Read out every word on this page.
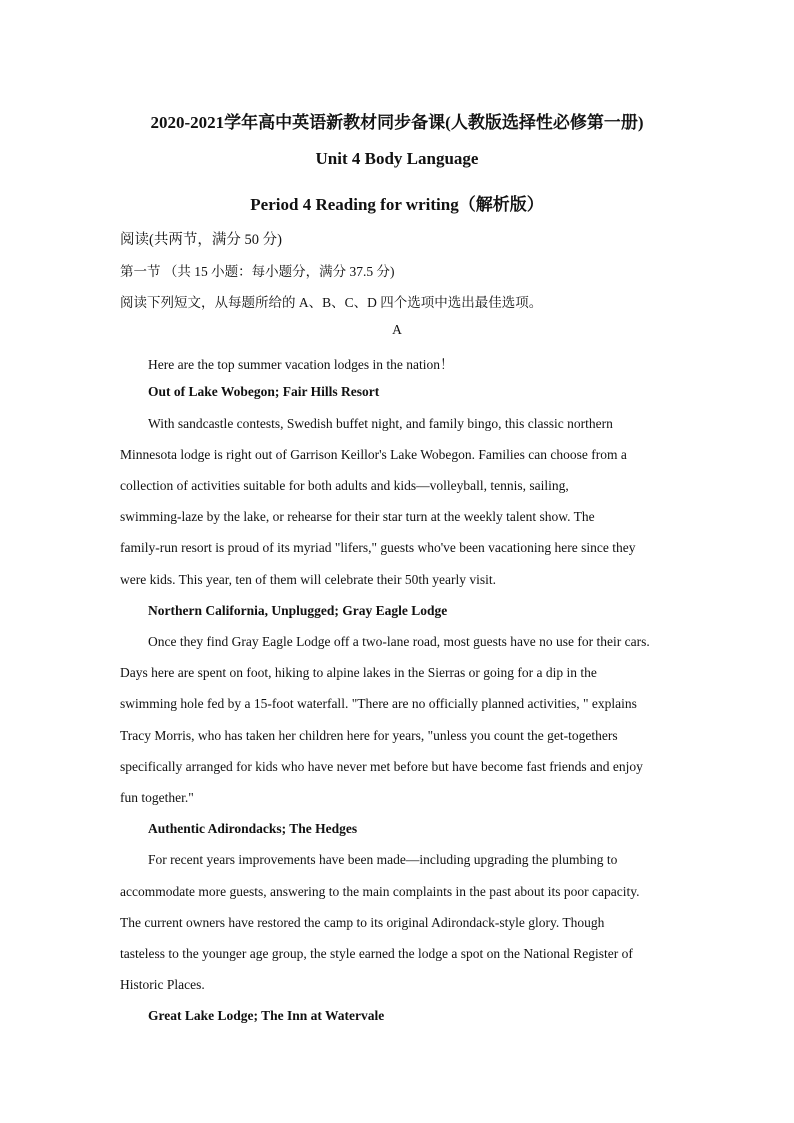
2020-2021学年高中英语新教材同步备课(人教版选择性必修第一册)
Unit 4 Body Language
Period 4 Reading for writing（解析版）
阅读(共两节，满分 50 分)
第一节 （共 15 小题：每小题分，满分 37.5 分)
阅读下列短文，从每题所给的 A、B、C、D 四个选项中选出最佳选项。
A
Here are the top summer vacation lodges in the nation！
Out of Lake Wobegon; Fair Hills Resort
With sandcastle contests, Swedish buffet night, and family bingo, this classic northern
Minnesota lodge is right out of Garrison Keillor's Lake Wobegon. Families can choose from a
collection of activities suitable for both adults and kids—volleyball, tennis, sailing,
swimming-laze by the lake, or rehearse for their star turn at the weekly talent show. The
family-run resort is proud of its myriad "lifers," guests who've been vacationing here since they
were kids. This year, ten of them will celebrate their 50th yearly visit.
Northern California, Unplugged; Gray Eagle Lodge
Once they find Gray Eagle Lodge off a two-lane road, most guests have no use for their cars.
Days here are spent on foot, hiking to alpine lakes in the Sierras or going for a dip in the
swimming hole fed by a 15-foot waterfall. "There are no officially planned activities, " explains
Tracy Morris, who has taken her children here for years, "unless you count the get-togethers
specifically arranged for kids who have never met before but have become fast friends and enjoy
fun together."
Authentic Adirondacks; The Hedges
For recent years improvements have been made—including upgrading the plumbing to
accommodate more guests, answering to the main complaints in the past about its poor capacity.
The current owners have restored the camp to its original Adirondack-style glory. Though
tasteless to the younger age group, the style earned the lodge a spot on the National Register of
Historic Places.
Great Lake Lodge; The Inn at Watervale
